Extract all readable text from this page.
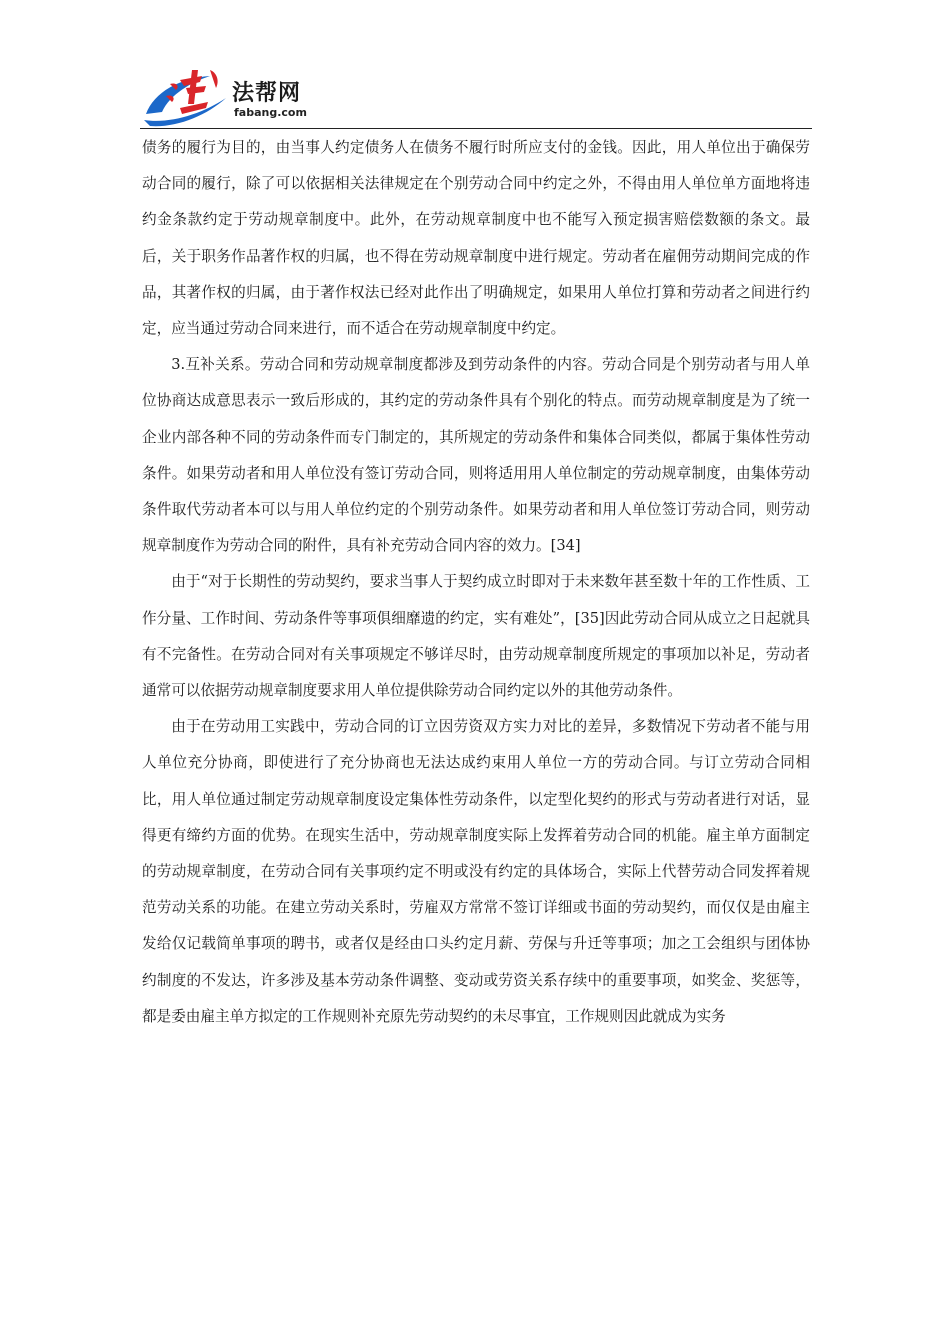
法帮网
fabang.com

债务的履行为目的，由当事人约定债务人在债务不履行时所应支付的金钱。因此，用人单位出于确保劳动合同的履行，除了可以依据相关法律规定在个别劳动合同中约定之外，不得由用人单位单方面地将违约金条款约定于劳动规章制度中。此外，在劳动规章制度中也不能写入预定损害赔偿数额的条文。最后，关于职务作品著作权的归属，也不得在劳动规章制度中进行规定。劳动者在雇佣劳动期间完成的作品，其著作权的归属，由于著作权法已经对此作出了明确规定，如果用人单位打算和劳动者之间进行约定，应当通过劳动合同来进行，而不适合在劳动规章制度中约定。

3.互补关系。劳动合同和劳动规章制度都涉及到劳动条件的内容。劳动合同是个别劳动者与用人单位协商达成意思表示一致后形成的，其约定的劳动条件具有个别化的特点。而劳动规章制度是为了统一企业内部各种不同的劳动条件而专门制定的，其所规定的劳动条件和集体合同类似，都属于集体性劳动条件。如果劳动者和用人单位没有签订劳动合同，则将适用用人单位制定的劳动规章制度，由集体劳动条件取代劳动者本可以与用人单位约定的个别劳动条件。如果劳动者和用人单位签订劳动合同，则劳动规章制度作为劳动合同的附件，具有补充劳动合同内容的效力。[34]

由于“对于长期性的劳动契约，要求当事人于契约成立时即对于未来数年甚至数十年的工作性质、工作分量、工作时间、劳动条件等事项俱细靡遗的约定，实有难处”，[35]因此劳动合同从成立之日起就具有不完备性。在劳动合同对有关事项规定不够详尽时，由劳动规章制度所规定的事项加以补足，劳动者通常可以依据劳动规章制度要求用人单位提供除劳动合同约定以外的其他劳动条件。

由于在劳动用工实践中，劳动合同的订立因劳资双方实力对比的差异，多数情况下劳动者不能与用人单位充分协商，即使进行了充分协商也无法达成约束用人单位一方的劳动合同。与订立劳动合同相比，用人单位通过制定劳动规章制度设定集体性劳动条件，以定型化契约的形式与劳动者进行对话，显得更有缔约方面的优势。在现实生活中，劳动规章制度实际上发挥着劳动合同的机能。雇主单方面制定的劳动规章制度，在劳动合同有关事项约定不明或没有约定的具体场合，实际上代替劳动合同发挥着规范劳动关系的功能。在建立劳动关系时，劳雇双方常常不签订详细或书面的劳动契约，而仅仅是由雇主发给仅记载简单事项的聘书，或者仅是经由口头约定月薪、劳保与升迁等事项；加之工会组织与团体协约制度的不发达，许多涉及基本劳动条件调整、变动或劳资关系存续中的重要事项，如奖金、奖惩等，都是委由雇主单方拟定的工作规则补充原先劳动契约的未尽事宜，工作规则因此就成为实务
